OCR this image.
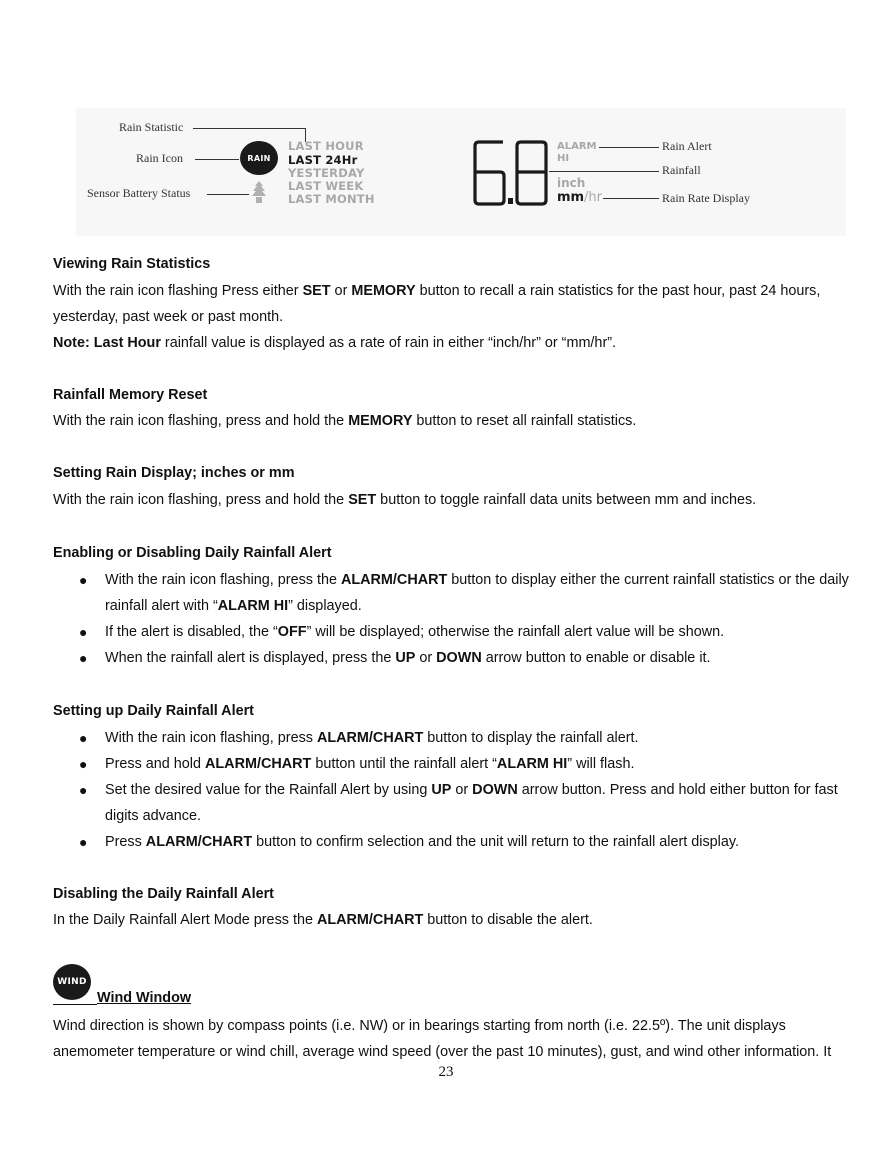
Rain Statistic
Rain Icon
Sensor Battery Status
RAIN
LAST HOUR
LAST 24Hr
YESTERDAY
LAST WEEK
LAST MONTH
ALARM
HI
inch
mm /hr
Rain Alert
Rainfall
Rain Rate Display
Viewing Rain Statistics
With the rain icon flashing Press either SET or MEMORY button to recall a rain statistics for the past hour, past 24 hours,
yesterday, past week or past month.
Note: Last Hour rainfall value is displayed as a rate of rain in either “inch/hr” or “mm/hr”.
Rainfall Memory Reset
With the rain icon flashing, press and hold the MEMORY button to reset all rainfall statistics.
Setting Rain Display; inches or mm
With the rain icon flashing, press and hold the SET button to toggle rainfall data units between mm and inches.
Enabling or Disabling Daily Rainfall Alert
● With the rain icon flashing, press the ALARM/CHART button to display either the current rainfall statistics or the daily
rainfall alert with “ALARM HI” displayed.
● If the alert is disabled, the “OFF” will be displayed; otherwise the rainfall alert value will be shown.
● When the rainfall alert is displayed, press the UP or DOWN arrow button to enable or disable it.
Setting up Daily Rainfall Alert
● With the rain icon flashing, press ALARM/CHART button to display the rainfall alert.
● Press and hold ALARM/CHART button until the rainfall alert “ALARM HI” will flash.
● Set the desired value for the Rainfall Alert by using UP or DOWN arrow button. Press and hold either button for fast
digits advance.
● Press ALARM/CHART button to confirm selection and the unit will return to the rainfall alert display.
Disabling the Daily Rainfall Alert
In the Daily Rainfall Alert Mode press the ALARM/CHART button to disable the alert.
WIND
Wind Window
Wind direction is shown by compass points (i.e. NW) or in bearings starting from north (i.e. 22.5º). The unit displays
anemometer temperature or wind chill, average wind speed (over the past 10 minutes), gust, and wind other information. It
23
